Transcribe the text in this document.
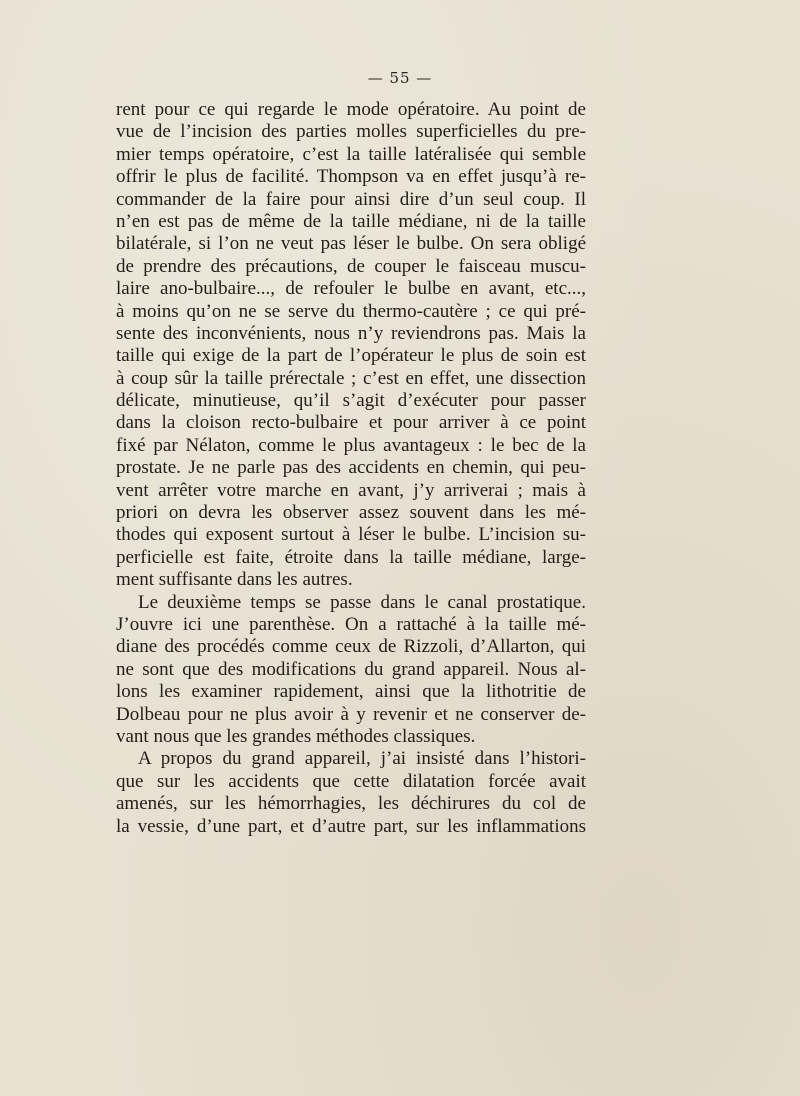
— 55 —
rent pour ce qui regarde le mode opératoire. Au point de
vue de l’incision des parties molles superficielles du pre-
mier temps opératoire, c’est la taille latéralisée qui semble
offrir le plus de facilité. Thompson va en effet jusqu’à re-
commander de la faire pour ainsi dire d’un seul coup. Il
n’en est pas de même de la taille médiane, ni de la taille
bilatérale, si l’on ne veut pas léser le bulbe. On sera obligé
de prendre des précautions, de couper le faisceau muscu-
laire ano-bulbaire..., de refouler le bulbe en avant, etc...,
à moins qu’on ne se serve du thermo-cautère ; ce qui pré-
sente des inconvénients, nous n’y reviendrons pas. Mais la
taille qui exige de la part de l’opérateur le plus de soin est
à coup sûr la taille prérectale ; c’est en effet, une dissection
délicate, minutieuse, qu’il s’agit d’exécuter pour passer
dans la cloison recto-bulbaire et pour arriver à ce point
fixé par Nélaton, comme le plus avantageux : le bec de la
prostate. Je ne parle pas des accidents en chemin, qui peu-
vent arrêter votre marche en avant, j’y arriverai ; mais à
priori on devra les observer assez souvent dans les mé-
thodes qui exposent surtout à léser le bulbe. L’incision su-
perficielle est faite, étroite dans la taille médiane, large-
ment suffisante dans les autres.
Le deuxième temps se passe dans le canal prostatique.
J’ouvre ici une parenthèse. On a rattaché à la taille mé-
diane des procédés comme ceux de Rizzoli, d’Allarton, qui
ne sont que des modifications du grand appareil. Nous al-
lons les examiner rapidement, ainsi que la lithotritie de
Dolbeau pour ne plus avoir à y revenir et ne conserver de-
vant nous que les grandes méthodes classiques.
A propos du grand appareil, j’ai insisté dans l’histori-
que sur les accidents que cette dilatation forcée avait
amenés, sur les hémorrhagies, les déchirures du col de
la vessie, d’une part, et d’autre part, sur les inflammations
